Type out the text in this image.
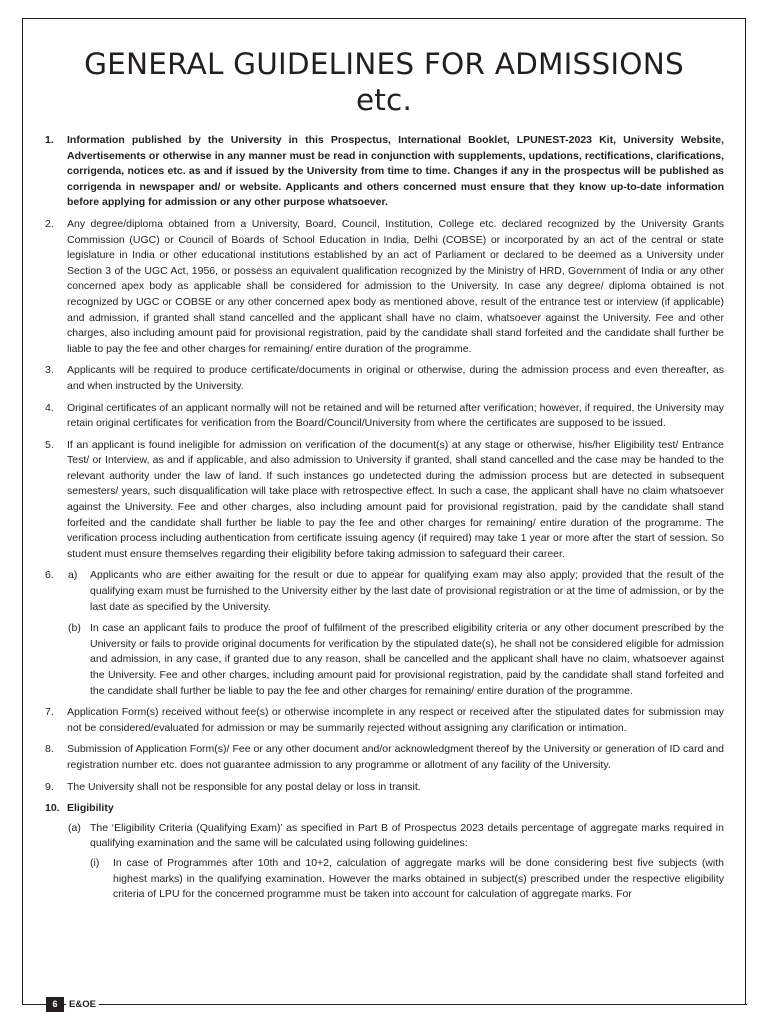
GENERAL GUIDELINES FOR ADMISSIONS
etc.
1. Information published by the University in this Prospectus, International Booklet, LPUNEST-2023 Kit, University Website, Advertisements or otherwise in any manner must be read in conjunction with supplements, updations, rectifications, clarifications, corrigenda, notices etc. as and if issued by the University from time to time. Changes if any in the prospectus will be published as corrigenda in newspaper and/ or website. Applicants and others concerned must ensure that they know up-to-date information before applying for admission or any other purpose whatsoever.
2. Any degree/diploma obtained from a University, Board, Council, Institution, College etc. declared recognized by the University Grants Commission (UGC) or Council of Boards of School Education in India, Delhi (COBSE) or incorporated by an act of the central or state legislature in India or other educational institutions established by an act of Parliament or declared to be deemed as a University under Section 3 of the UGC Act, 1956, or possess an equivalent qualification recognized by the Ministry of HRD, Government of India or any other concerned apex body as applicable shall be considered for admission to the University. In case any degree/ diploma obtained is not recognized by UGC or COBSE or any other concerned apex body as mentioned above, result of the entrance test or interview (if applicable) and admission, if granted shall stand cancelled and the applicant shall have no claim, whatsoever against the University. Fee and other charges, also including amount paid for provisional registration, paid by the candidate shall stand forfeited and the candidate shall further be liable to pay the fee and other charges for remaining/ entire duration of the programme.
3. Applicants will be required to produce certificate/documents in original or otherwise, during the admission process and even thereafter, as and when instructed by the University.
4. Original certificates of an applicant normally will not be retained and will be returned after verification; however, if required, the University may retain original certificates for verification from the Board/Council/University from where the certificates are supposed to be issued.
5. If an applicant is found ineligible for admission on verification of the document(s) at any stage or otherwise, his/her Eligibility test/ Entrance Test/ or Interview, as and if applicable, and also admission to University if granted, shall stand cancelled and the case may be handed to the relevant authority under the law of land. If such instances go undetected during the admission process but are detected in subsequent semesters/ years, such disqualification will take place with retrospective effect. In such a case, the applicant shall have no claim whatsoever against the University. Fee and other charges, also including amount paid for provisional registration, paid by the candidate shall stand forfeited and the candidate shall further be liable to pay the fee and other charges for remaining/ entire duration of the programme. The verification process including authentication from certificate issuing agency (if required) may take 1 year or more after the start of session. So student must ensure themselves regarding their eligibility before taking admission to safeguard their career.
6. a) Applicants who are either awaiting for the result or due to appear for qualifying exam may also apply; provided that the result of the qualifying exam must be furnished to the University either by the last date of provisional registration or at the time of admission, or by the last date as specified by the University.
(b) In case an applicant fails to produce the proof of fulfilment of the prescribed eligibility criteria or any other document prescribed by the University or fails to provide original documents for verification by the stipulated date(s), he shall not be considered eligible for admission and admission, in any case, if granted due to any reason, shall be cancelled and the applicant shall have no claim, whatsoever against the University. Fee and other charges, including amount paid for provisional registration, paid by the candidate shall stand forfeited and the candidate shall further be liable to pay the fee and other charges for remaining/ entire duration of the programme.
7. Application Form(s) received without fee(s) or otherwise incomplete in any respect or received after the stipulated dates for submission may not be considered/evaluated for admission or may be summarily rejected without assigning any clarification or intimation.
8. Submission of Application Form(s)/ Fee or any other document and/or acknowledgment thereof by the University or generation of ID card and registration number etc. does not guarantee admission to any programme or allotment of any facility of the University.
9. The University shall not be responsible for any postal delay or loss in transit.
10. Eligibility
(a) The ‘Eligibility Criteria (Qualifying Exam)’ as specified in Part B of Prospectus 2023 details percentage of aggregate marks required in qualifying examination and the same will be calculated using following guidelines:
(i) In case of Programmes after 10th and 10+2, calculation of aggregate marks will be done considering best five subjects (with highest marks) in the qualifying examination. However the marks obtained in subject(s) prescribed under the respective eligibility criteria of LPU for the concerned programme must be taken into account for calculation of aggregate marks. For
6	E&OE
